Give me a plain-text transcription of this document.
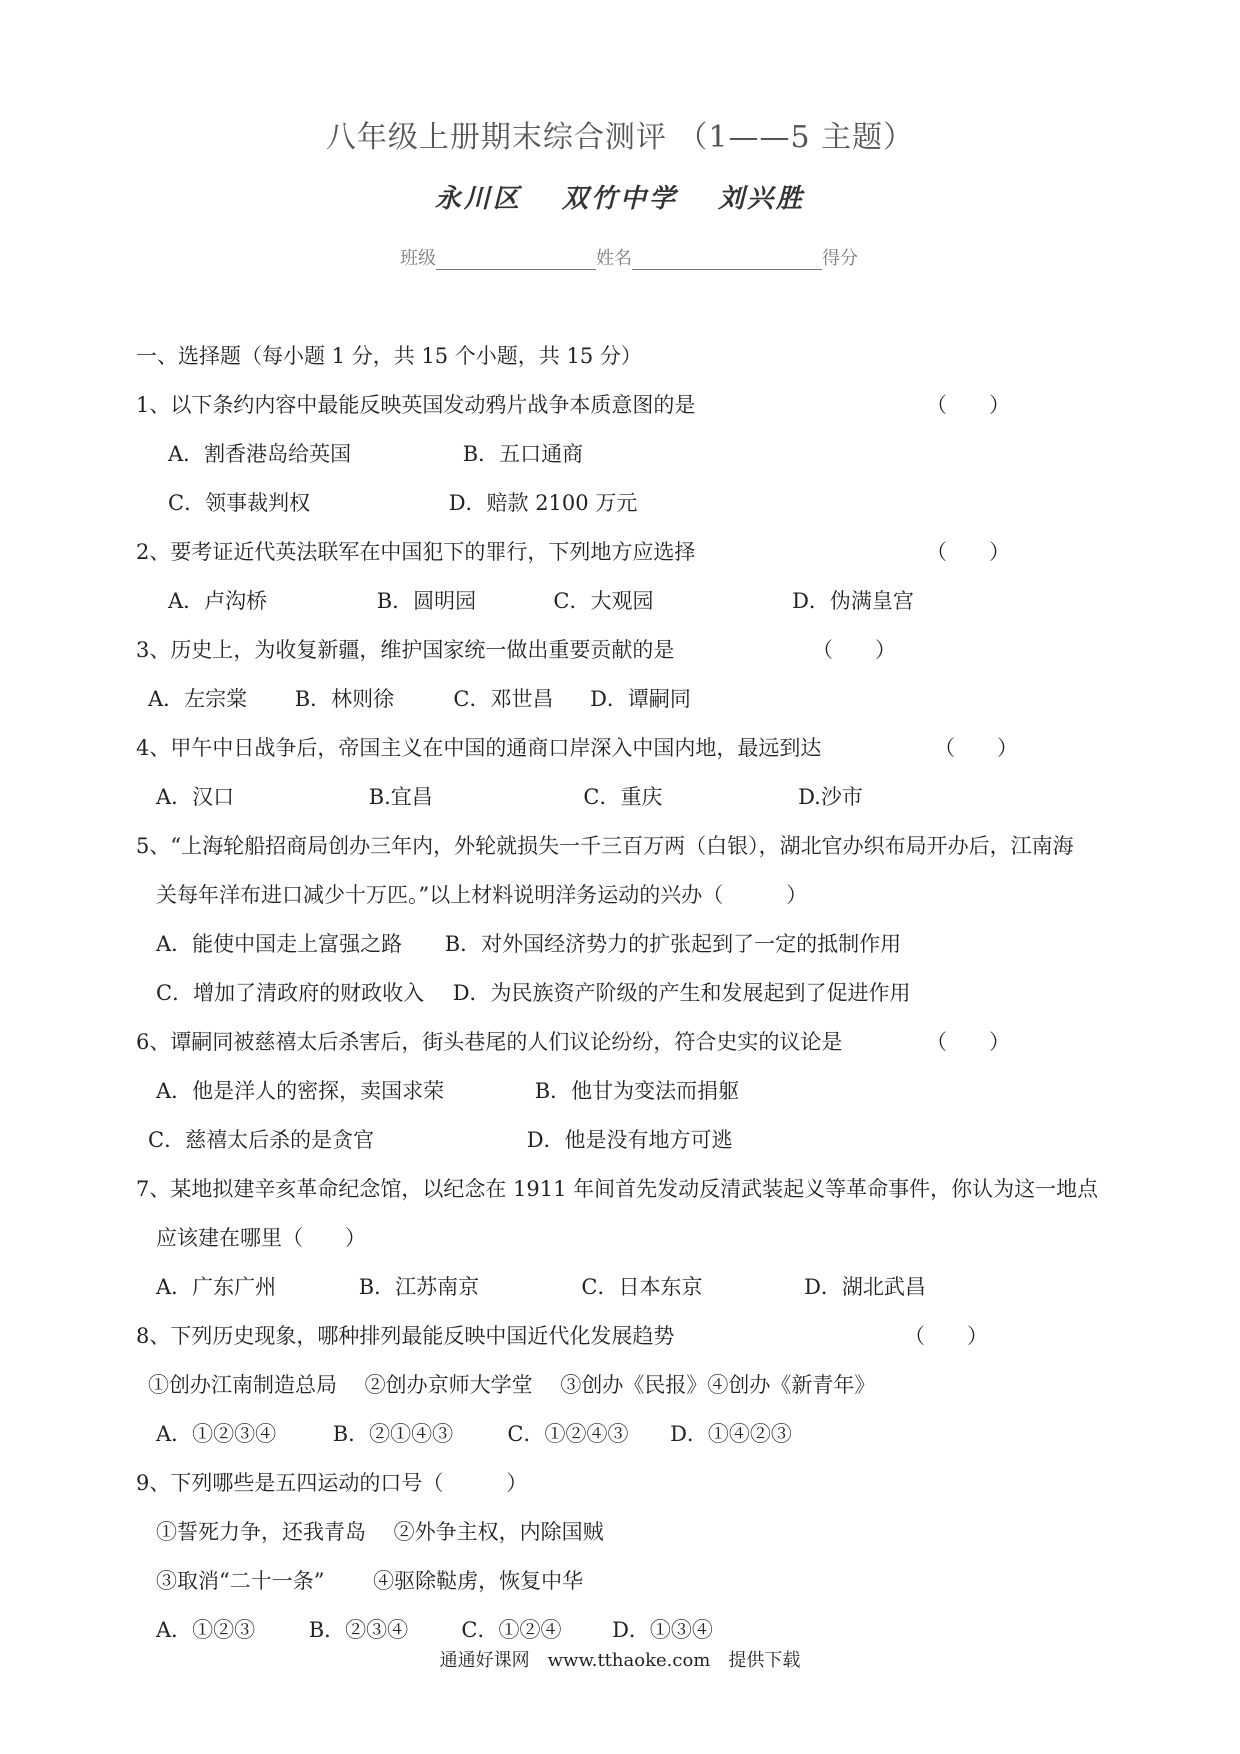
八年级上册期末综合测评 （1——5 主题）
永川区 双竹中学 刘兴胜
班级	姓名	得分
一、选择题（每小题 1 分，共 15 个小题，共 15 分）
1、以下条约内容中最能反映英国发动鸦片战争本质意图的是	（　　）
A．割香港岛给英国	B．五口通商
C．领事裁判权	D．赔款 2100 万元
2、要考证近代英法联军在中国犯下的罪行，下列地方应选择	（　　）
A．卢沟桥	B．圆明园	C．大观园	D．伪满皇宫
3、历史上，为收复新疆，维护国家统一做出重要贡献的是	（　　）
A．左宗棠 B．林则徐	C．邓世昌 D．谭嗣同
4、甲午中日战争后，帝国主义在中国的通商口岸深入中国内地，最远到达	（　　）
A．汉口	B.宜昌	C．重庆	D.沙市
5、“上海轮船招商局创办三年内，外轮就损失一千三百万两（白银），湖北官办织布局开办后，江南海
关每年洋布进口减少十万匹。”以上材料说明洋务运动的兴办（　　　）
A．能使中国走上富强之路 B．对外国经济势力的扩张起到了一定的抵制作用
C．增加了清政府的财政收入 D．为民族资产阶级的产生和发展起到了促进作用
6、谭嗣同被慈禧太后杀害后，街头巷尾的人们议论纷纷，符合史实的议论是	（　　）
A．他是洋人的密探，卖国求荣	B．他甘为变法而捐躯
C．慈禧太后杀的是贪官	D．他是没有地方可逃
7、某地拟建辛亥革命纪念馆，以纪念在 1911 年间首先发动反清武装起义等革命事件，你认为这一地点
应该建在哪里（　　）
A．广东广州	B．江苏南京	C．日本东京	D．湖北武昌
8、下列历史现象，哪种排列最能反映中国近代化发展趋势	（　　）
①创办江南制造总局　 ②创办京师大学堂　 ③创办《民报》④创办《新青年》
A．①②③④	B．②①④③	C．①②④③ D．①④②③
9、下列哪些是五四运动的口号（　　　）
①誓死力争，还我青岛　 ②外争主权，内除国贼
③取消“二十一条”　　 ④驱除鞑虏，恢复中华
A．①②③	B．②③④	C．①②④ D．①③④
通通好课网　www.tthaoke.com　提供下载
